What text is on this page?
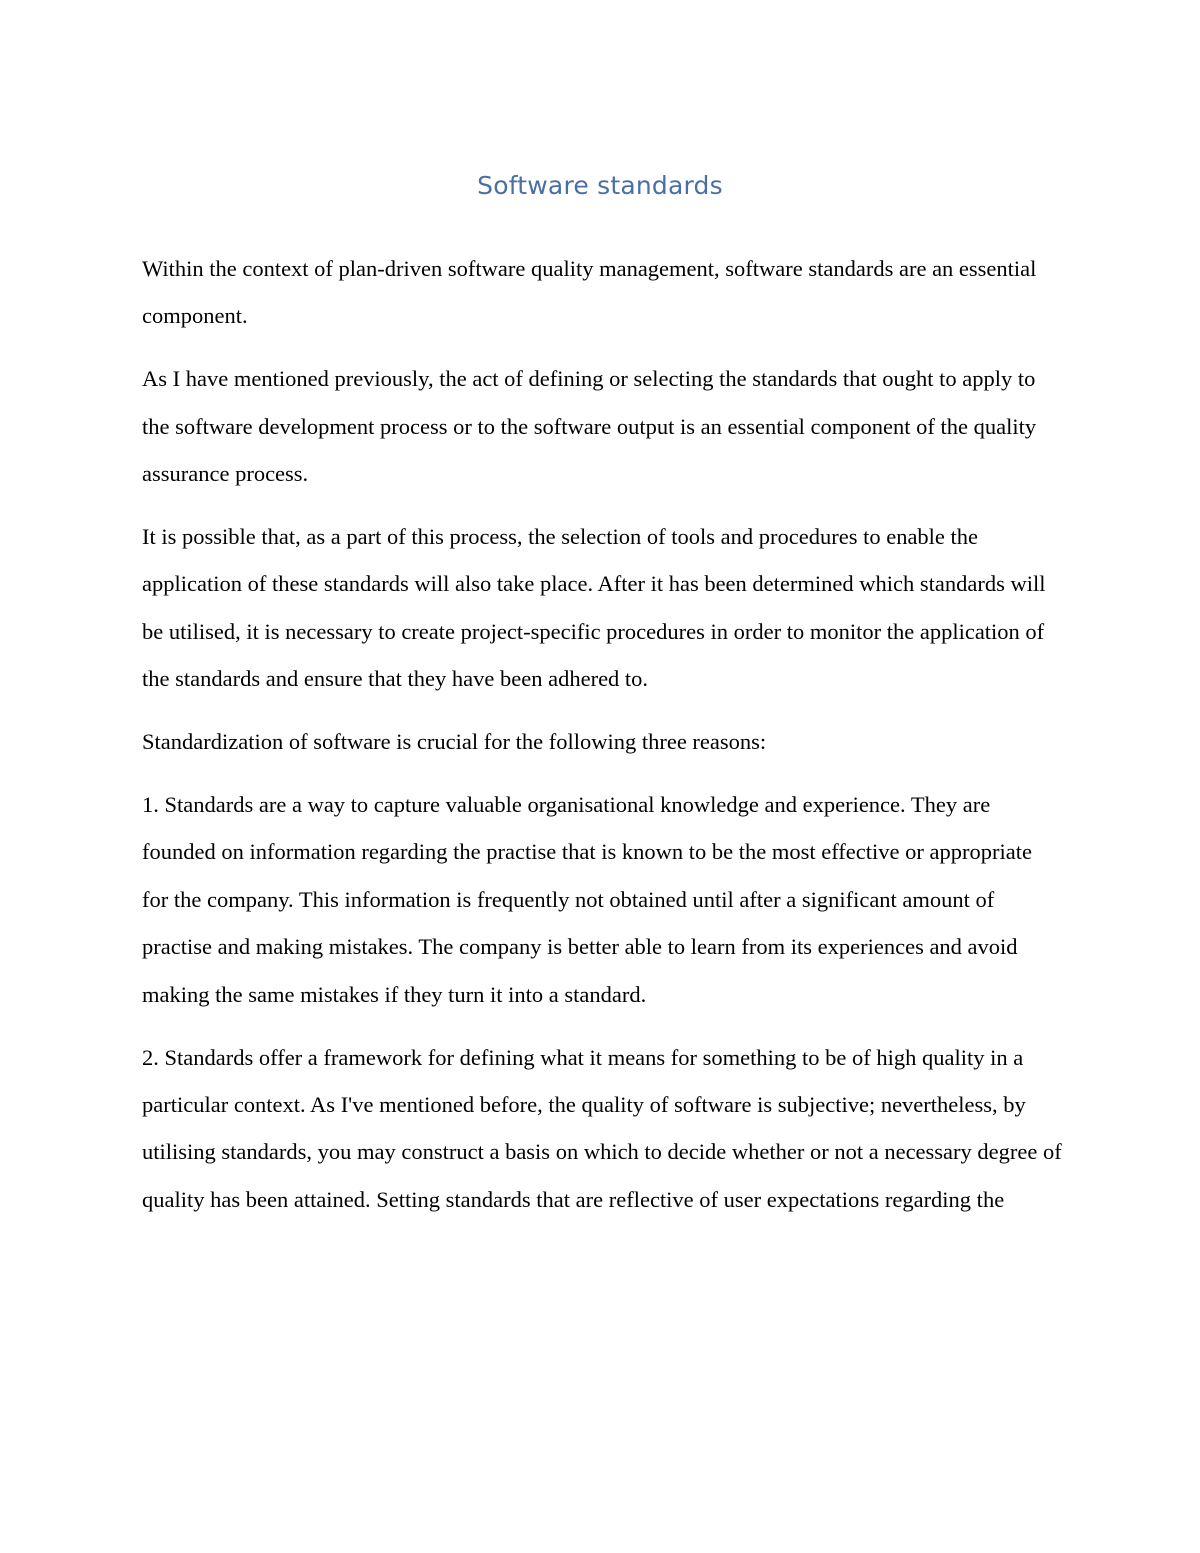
Software standards

Within the context of plan-driven software quality management, software standards are an essential component.

As I have mentioned previously, the act of defining or selecting the standards that ought to apply to the software development process or to the software output is an essential component of the quality assurance process.

It is possible that, as a part of this process, the selection of tools and procedures to enable the application of these standards will also take place. After it has been determined which standards will be utilised, it is necessary to create project-specific procedures in order to monitor the application of the standards and ensure that they have been adhered to.

Standardization of software is crucial for the following three reasons:

1. Standards are a way to capture valuable organisational knowledge and experience. They are founded on information regarding the practise that is known to be the most effective or appropriate for the company. This information is frequently not obtained until after a significant amount of practise and making mistakes. The company is better able to learn from its experiences and avoid making the same mistakes if they turn it into a standard.

2. Standards offer a framework for defining what it means for something to be of high quality in a particular context. As I've mentioned before, the quality of software is subjective; nevertheless, by utilising standards, you may construct a basis on which to decide whether or not a necessary degree of quality has been attained. Setting standards that are reflective of user expectations regarding the
